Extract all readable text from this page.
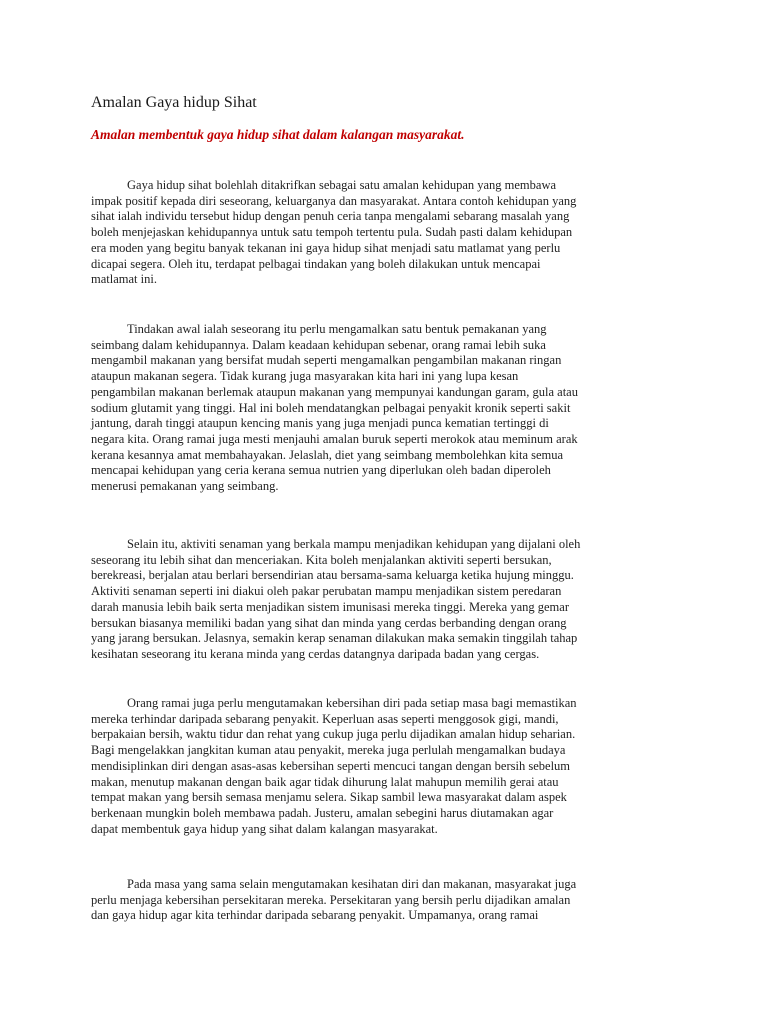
Amalan Gaya hidup Sihat
Amalan membentuk gaya hidup sihat dalam kalangan masyarakat.

Gaya hidup sihat bolehlah ditakrifkan sebagai satu amalan kehidupan yang membawa
impak positif kepada diri seseorang, keluarganya dan masyarakat. Antara contoh kehidupan yang
sihat ialah individu tersebut hidup dengan penuh ceria tanpa mengalami sebarang masalah yang
boleh menjejaskan kehidupannya untuk satu tempoh tertentu pula. Sudah pasti dalam kehidupan
era moden yang begitu banyak tekanan ini gaya hidup sihat menjadi satu matlamat yang perlu
dicapai segera. Oleh itu, terdapat pelbagai tindakan yang boleh dilakukan untuk mencapai
matlamat ini.

Tindakan awal ialah seseorang itu perlu mengamalkan satu bentuk pemakanan yang
seimbang dalam kehidupannya. Dalam keadaan kehidupan sebenar, orang ramai lebih suka
mengambil makanan yang bersifat mudah seperti mengamalkan pengambilan makanan ringan
ataupun makanan segera. Tidak kurang juga masyarakan kita hari ini yang lupa kesan
pengambilan makanan berlemak ataupun makanan yang mempunyai kandungan garam, gula atau
sodium glutamit yang tinggi. Hal ini boleh mendatangkan pelbagai penyakit kronik seperti sakit
jantung, darah tinggi ataupun kencing manis yang juga menjadi punca kematian tertinggi di
negara kita. Orang ramai juga mesti menjauhi amalan buruk seperti merokok atau meminum arak
kerana kesannya amat membahayakan. Jelaslah, diet yang seimbang membolehkan kita semua
mencapai kehidupan yang ceria kerana semua nutrien yang diperlukan oleh badan diperoleh
menerusi pemakanan yang seimbang.

Selain itu, aktiviti senaman yang berkala mampu menjadikan kehidupan yang dijalani oleh
seseorang itu lebih sihat dan menceriakan. Kita boleh menjalankan aktiviti seperti bersukan,
berekreasi, berjalan atau berlari bersendirian atau bersama-sama keluarga ketika hujung minggu.
Aktiviti senaman seperti ini diakui oleh pakar perubatan mampu menjadikan sistem peredaran
darah manusia lebih baik serta menjadikan sistem imunisasi mereka tinggi. Mereka yang gemar
bersukan biasanya memiliki badan yang sihat dan minda yang cerdas berbanding dengan orang
yang jarang bersukan. Jelasnya, semakin kerap senaman dilakukan maka semakin tinggilah tahap
kesihatan seseorang itu kerana minda yang cerdas datangnya daripada badan yang cergas.

Orang ramai juga perlu mengutamakan kebersihan diri pada setiap masa bagi memastikan
mereka terhindar daripada sebarang penyakit. Keperluan asas seperti menggosok gigi, mandi,
berpakaian bersih, waktu tidur dan rehat yang cukup juga perlu dijadikan amalan hidup seharian.
Bagi mengelakkan jangkitan kuman atau penyakit, mereka juga perlulah mengamalkan budaya
mendisiplinkan diri dengan asas-asas kebersihan seperti mencuci tangan dengan bersih sebelum
makan, menutup makanan dengan baik agar tidak dihurung lalat mahupun memilih gerai atau
tempat makan yang bersih semasa menjamu selera. Sikap sambil lewa masyarakat dalam aspek
berkenaan mungkin boleh membawa padah. Justeru, amalan sebegini harus diutamakan agar
dapat membentuk gaya hidup yang sihat dalam kalangan masyarakat.

Pada masa yang sama selain mengutamakan kesihatan diri dan makanan, masyarakat juga
perlu menjaga kebersihan persekitaran mereka. Persekitaran yang bersih perlu dijadikan amalan
dan gaya hidup agar kita terhindar daripada sebarang penyakit. Umpamanya, orang ramai
